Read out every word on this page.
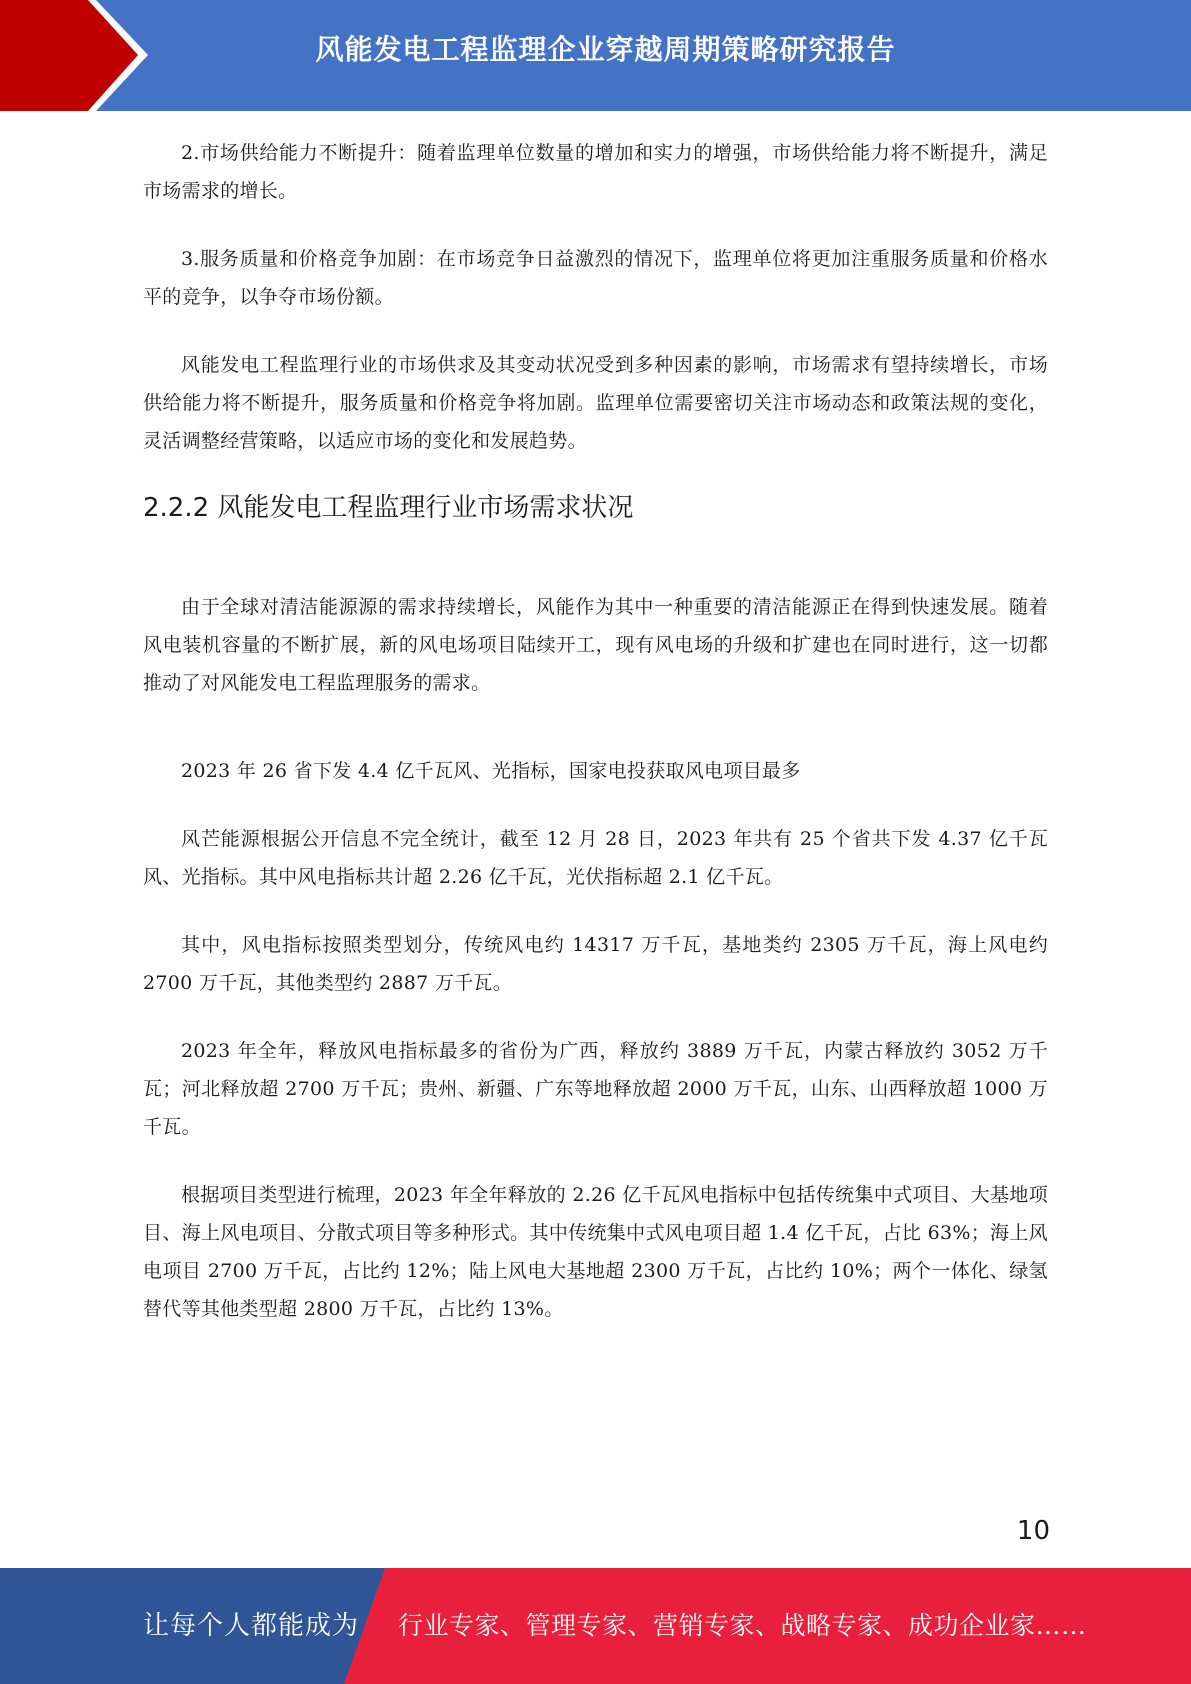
风能发电工程监理企业穿越周期策略研究报告

2.市场供给能力不断提升：随着监理单位数量的增加和实力的增强，市场供给能力将不断提升，满足市场需求的增长。

3.服务质量和价格竞争加剧：在市场竞争日益激烈的情况下，监理单位将更加注重服务质量和价格水平的竞争，以争夺市场份额。

风能发电工程监理行业的市场供求及其变动状况受到多种因素的影响，市场需求有望持续增长，市场供给能力将不断提升，服务质量和价格竞争将加剧。监理单位需要密切关注市场动态和政策法规的变化，灵活调整经营策略，以适应市场的变化和发展趋势。

2.2.2 风能发电工程监理行业市场需求状况

由于全球对清洁能源源的需求持续增长，风能作为其中一种重要的清洁能源正在得到快速发展。随着风电装机容量的不断扩展，新的风电场项目陆续开工，现有风电场的升级和扩建也在同时进行，这一切都推动了对风能发电工程监理服务的需求。

2023 年 26 省下发 4.4 亿千瓦风、光指标，国家电投获取风电项目最多

风芒能源根据公开信息不完全统计，截至 12 月 28 日，2023 年共有 25 个省共下发 4.37 亿千瓦风、光指标。其中风电指标共计超 2.26 亿千瓦，光伏指标超 2.1 亿千瓦。

其中，风电指标按照类型划分，传统风电约 14317 万千瓦，基地类约 2305 万千瓦，海上风电约 2700 万千瓦，其他类型约 2887 万千瓦。

2023 年全年，释放风电指标最多的省份为广西，释放约 3889 万千瓦，内蒙古释放约 3052 万千瓦；河北释放超 2700 万千瓦；贵州、新疆、广东等地释放超 2000 万千瓦，山东、山西释放超 1000 万千瓦。

根据项目类型进行梳理，2023 年全年释放的 2.26 亿千瓦风电指标中包括传统集中式项目、大基地项目、海上风电项目、分散式项目等多种形式。其中传统集中式风电项目超 1.4 亿千瓦，占比 63%；海上风电项目 2700 万千瓦，占比约 12%；陆上风电大基地超 2300 万千瓦，占比约 10%；两个一体化、绿氢替代等其他类型超 2800 万千瓦，占比约 13%。

10
让每个人都能成为 行业专家、管理专家、营销专家、战略专家、成功企业家……
